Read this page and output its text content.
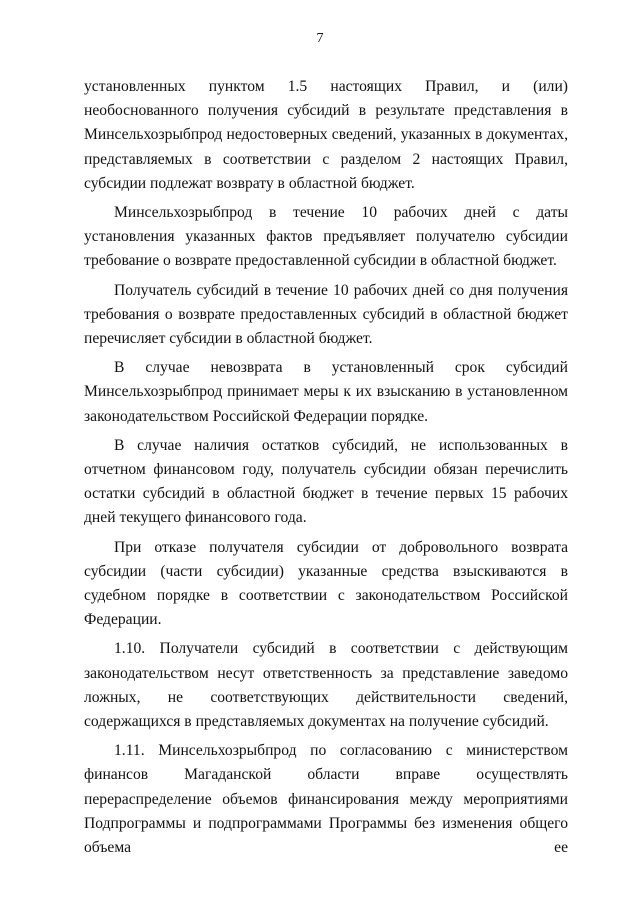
7

установленных пунктом 1.5 настоящих Правил, и (или) необоснованного получения субсидий в результате представления в Минсельхозрыбпрод недостоверных сведений, указанных в документах, представляемых в соответствии с разделом 2 настоящих Правил, субсидии подлежат возврату в областной бюджет.

Минсельхозрыбпрод в течение 10 рабочих дней с даты установления указанных фактов предъявляет получателю субсидии требование о возврате предоставленной субсидии в областной бюджет.

Получатель субсидий в течение 10 рабочих дней со дня получения требования о возврате предоставленных субсидий в областной бюджет перечисляет субсидии в областной бюджет.

В случае невозврата в установленный срок субсидий Минсельхозрыбпрод принимает меры к их взысканию в установленном законодательством Российской Федерации порядке.

В случае наличия остатков субсидий, не использованных в отчетном финансовом году, получатель субсидии обязан перечислить остатки субсидий в областной бюджет в течение первых 15 рабочих дней текущего финансового года.

При отказе получателя субсидии от добровольного возврата субсидии (части субсидии) указанные средства взыскиваются в судебном порядке в соответствии с законодательством Российской Федерации.

1.10. Получатели субсидий в соответствии с действующим законодательством несут ответственность за представление заведомо ложных, не соответствующих действительности сведений, содержащихся в представляемых документах на получение субсидий.

1.11. Минсельхозрыбпрод по согласованию с министерством финансов Магаданской области вправе осуществлять перераспределение объемов финансирования между мероприятиями Подпрограммы и подпрограммами Программы без изменения общего объема ее
